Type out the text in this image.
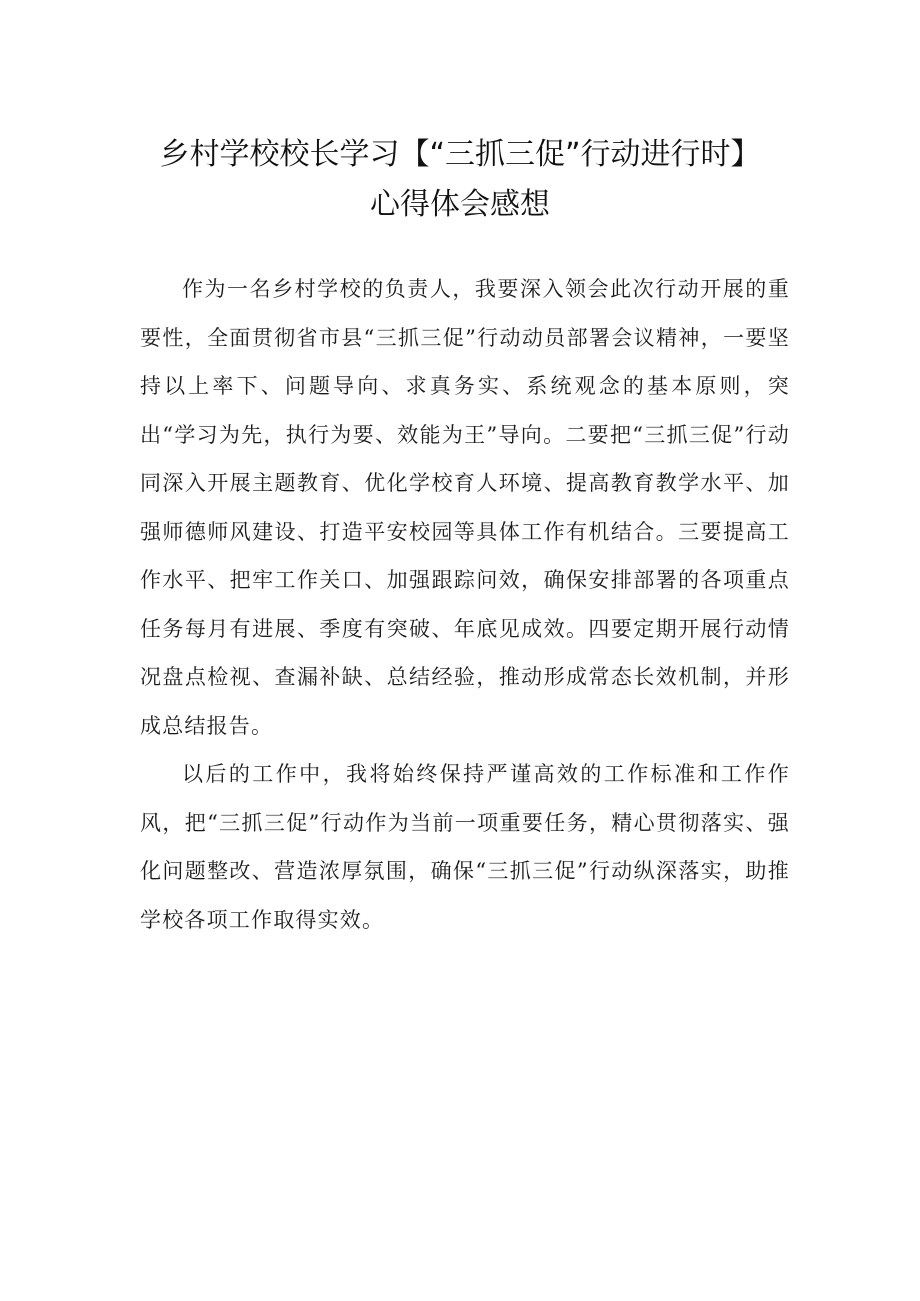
乡村学校校长学习【“三抓三促”行动进行时】
心得体会感想

作为一名乡村学校的负责人，我要深入领会此次行动开展的重要性，全面贯彻省市县“三抓三促”行动动员部署会议精神，一要坚持以上率下、问题导向、求真务实、系统观念的基本原则，突出“学习为先，执行为要、效能为王”导向。二要把“三抓三促”行动同深入开展主题教育、优化学校育人环境、提高教育教学水平、加强师德师风建设、打造平安校园等具体工作有机结合。三要提高工作水平、把牢工作关口、加强跟踪问效，确保安排部署的各项重点任务每月有进展、季度有突破、年底见成效。四要定期开展行动情况盘点检视、查漏补缺、总结经验，推动形成常态长效机制，并形成总结报告。

以后的工作中，我将始终保持严谨高效的工作标准和工作作风，把“三抓三促”行动作为当前一项重要任务，精心贯彻落实、强化问题整改、营造浓厚氛围，确保“三抓三促”行动纵深落实，助推学校各项工作取得实效。
